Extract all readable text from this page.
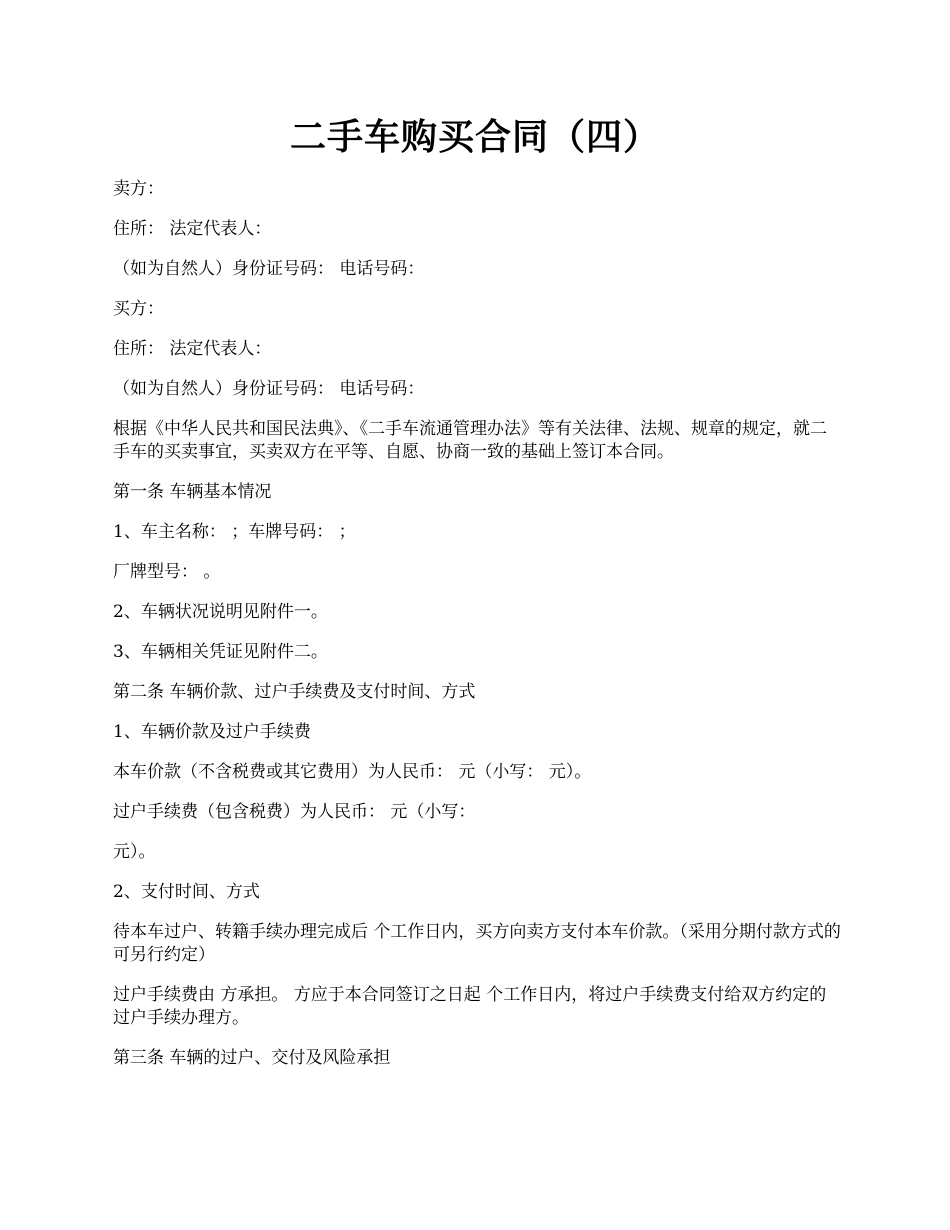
二手车购买合同（四）

卖方：

住所： 法定代表人：

（如为自然人）身份证号码： 电话号码：

买方：

住所： 法定代表人：

（如为自然人）身份证号码： 电话号码：

根据《中华人民共和国民法典》、《二手车流通管理办法》等有关法律、法规、规章的规定，就二手车的买卖事宜，买卖双方在平等、自愿、协商一致的基础上签订本合同。

第一条 车辆基本情况

1、车主名称： ；车牌号码： ；

厂牌型号： 。

2、车辆状况说明见附件一。

3、车辆相关凭证见附件二。

第二条 车辆价款、过户手续费及支付时间、方式

1、车辆价款及过户手续费

本车价款（不含税费或其它费用）为人民币： 元（小写： 元）。

过户手续费（包含税费）为人民币： 元（小写：

元）。

2、支付时间、方式

待本车过户、转籍手续办理完成后 个工作日内，买方向卖方支付本车价款。（采用分期付款方式的可另行约定）

过户手续费由 方承担。 方应于本合同签订之日起 个工作日内，将过户手续费支付给双方约定的过户手续办理方。

第三条 车辆的过户、交付及风险承担
